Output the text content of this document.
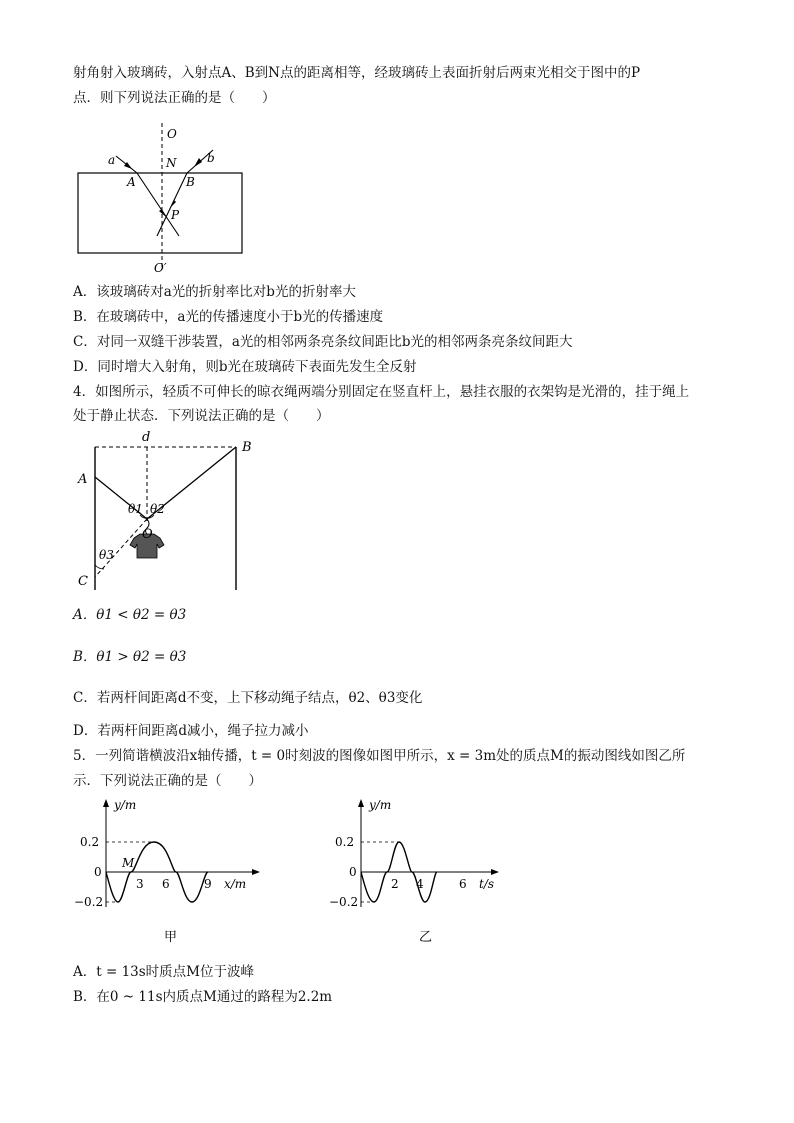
射角射入玻璃砖，入射点A、B到N点的距离相等，经玻璃砖上表面折射后两束光相交于图中的P
点．则下列说法正确的是（　　）
O
N
a	b
A	B
P
O′
A．该玻璃砖对a光的折射率比对b光的折射率大
B．在玻璃砖中，a光的传播速度小于b光的传播速度
C．对同一双缝干涉装置，a光的相邻两条亮条纹间距比b光的相邻两条亮条纹间距大
D．同时增大入射角，则b光在玻璃砖下表面先发生全反射
4．如图所示，轻质不可伸长的晾衣绳两端分别固定在竖直杆上，悬挂衣服的衣架钩是光滑的，挂于绳上
处于静止状态．下列说法正确的是（　　）
d
A
B
C
O
θ1 θ2
θ3
A．θ1 < θ2 = θ3
B．θ1 > θ2 = θ3
C．若两杆间距离d不变，上下移动绳子结点，θ2、θ3变化
D．若两杆间距离d减小，绳子拉力减小
5．一列简谐横波沿x轴传播，t = 0时刻波的图像如图甲所示，x = 3m处的质点M的振动图线如图乙所
示．下列说法正确的是（　　）
y/m
x/m
0.2
0
−0.2
3 6	9
M
甲
y/m
t/s
0.2
0
−0.2
2 4	6
乙
A．t = 13s时质点M位于波峰
B．在0 ~ 11s内质点M通过的路程为2.2m
